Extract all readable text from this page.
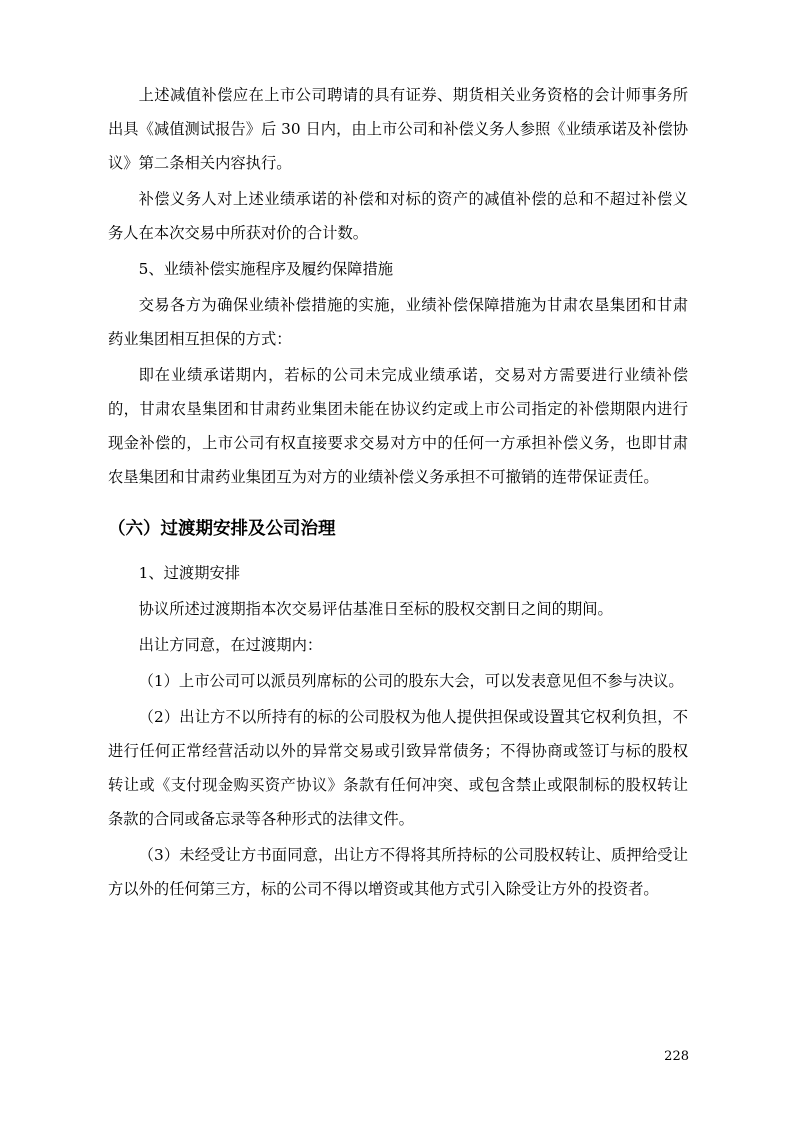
上述减值补偿应在上市公司聘请的具有证券、期货相关业务资格的会计师事务所出具《减值测试报告》后 30 日内，由上市公司和补偿义务人参照《业绩承诺及补偿协议》第二条相关内容执行。

补偿义务人对上述业绩承诺的补偿和对标的资产的减值补偿的总和不超过补偿义务人在本次交易中所获对价的合计数。

5、业绩补偿实施程序及履约保障措施

交易各方为确保业绩补偿措施的实施，业绩补偿保障措施为甘肃农垦集团和甘肃药业集团相互担保的方式：

即在业绩承诺期内，若标的公司未完成业绩承诺，交易对方需要进行业绩补偿的，甘肃农垦集团和甘肃药业集团未能在协议约定或上市公司指定的补偿期限内进行现金补偿的，上市公司有权直接要求交易对方中的任何一方承担补偿义务，也即甘肃农垦集团和甘肃药业集团互为对方的业绩补偿义务承担不可撤销的连带保证责任。

（六）过渡期安排及公司治理

1、过渡期安排

协议所述过渡期指本次交易评估基准日至标的股权交割日之间的期间。

出让方同意，在过渡期内：

（1）上市公司可以派员列席标的公司的股东大会，可以发表意见但不参与决议。

（2）出让方不以所持有的标的公司股权为他人提供担保或设置其它权利负担，不进行任何正常经营活动以外的异常交易或引致异常债务；不得协商或签订与标的股权转让或《支付现金购买资产协议》条款有任何冲突、或包含禁止或限制标的股权转让条款的合同或备忘录等各种形式的法律文件。

（3）未经受让方书面同意，出让方不得将其所持标的公司股权转让、质押给受让方以外的任何第三方，标的公司不得以增资或其他方式引入除受让方外的投资者。

228
